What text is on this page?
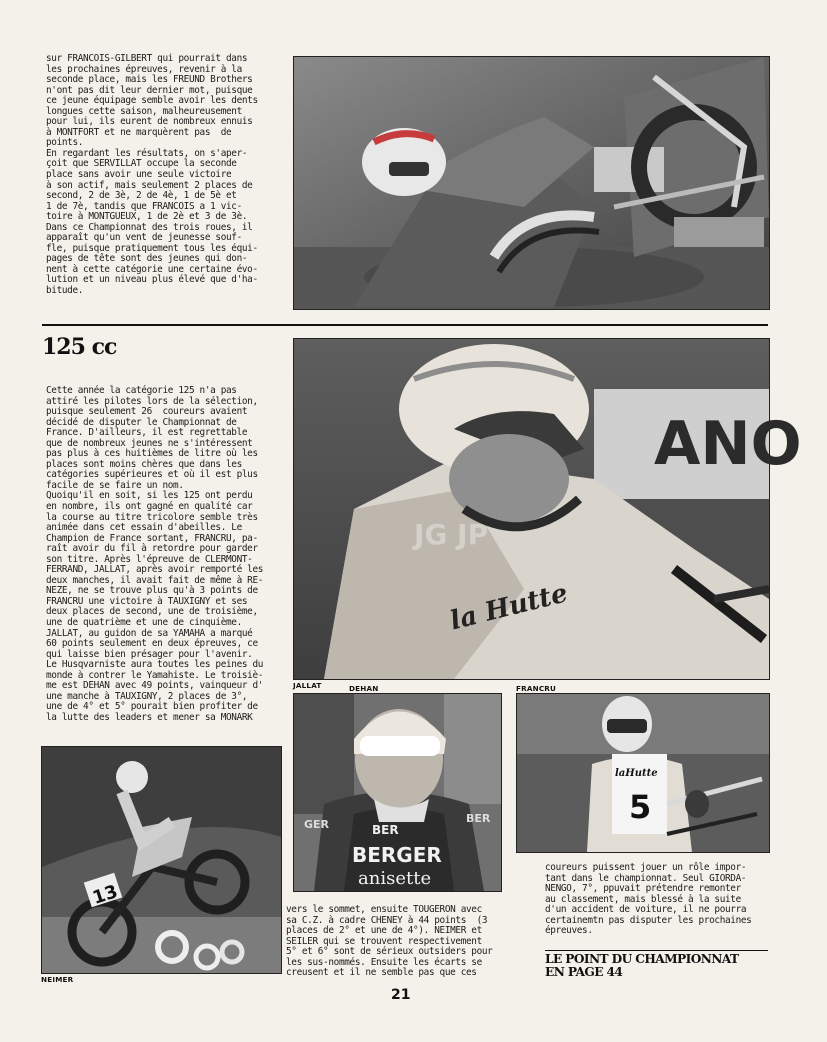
sur FRANCOIS-GILBERT qui pourrait dans
les prochaines épreuves, revenir à la
seconde place, mais les FREUND Brothers
n'ont pas dit leur dernier mot, puisque
ce jeune équipage semble avoir les dents
longues cette saison, malheureusement
pour lui, ils eurent de nombreux ennuis
à MONTFORT et ne marquèrent pas  de
points.
En regardant les résultats, on s'aper-
çoit que SERVILLAT occupe la seconde
place sans avoir une seule victoire
à son actif, mais seulement 2 places de
second, 2 de 3è, 2 de 4è, 1 de 5è et
1 de 7è, tandis que FRANCOIS a 1 vic-
toire à MONTGUEUX, 1 de 2è et 3 de 3è.
Dans ce Championnat des trois roues, il
apparaît qu'un vent de jeunesse souf-
fle, puisque pratiquement tous les équi-
pages de tête sont des jeunes qui don-
nent à cette catégorie une certaine évo-
lution et un niveau plus élevé que d'ha-
bitude.

125 cc

Cette année la catégorie 125 n'a pas
attiré les pilotes lors de la sélection,
puisque seulement 26  coureurs avaient
décidé de disputer le Championnat de
France. D'ailleurs, il est regrettable
que de nombreux jeunes ne s'intéressent
pas plus à ces huitièmes de litre où les
places sont moins chères que dans les
catégories supérieures et où il est plus
facile de se faire un nom.
Quoiqu'il en soit, si les 125 ont perdu
en nombre, ils ont gagné en qualité car
la course au titre tricolore semble très
animée dans cet essain d'abeilles. Le
Champion de France sortant, FRANCRU, pa-
raît avoir du fil à retordre pour garder
son titre. Après l'épreuve de CLERMONT-
FERRAND, JALLAT, après avoir remporté les
deux manches, il avait fait de même à RE-
NEZE, ne se trouve plus qu'à 3 points de
FRANCRU une victoire à TAUXIGNY et ses
deux places de second, une de troisième,
une de quatrième et une de cinquième.
JALLAT, au guidon de sa YAMAHA a marqué
60 points seulement en deux épreuves, ce
qui laisse bien présager pour l'avenir.
Le Husqvarniste aura toutes les peines du
monde à contrer le Yamahiste. Le troisiè-
me est DEHAN avec 49 points, vainqueur d'
une manche à TAUXIGNY, 2 places de 3°,
une de 4° et 5° pourait bien profiter de
la lutte des leaders et mener sa MONARK

ANO
la Hutte
JG JP

JALLAT	DEHAN	FRANCRU

BER
BERGER
anisette
GER	BER
laHutte
5
13

NEIMER

vers le sommet, ensuite TOUGERON avec
sa C.Z. à cadre CHENEY à 44 points  (3
places de 2° et une de 4°). NEIMER et
SEILER qui se trouvent respectivement
5° et 6° sont de sérieux outsiders pour
les sus-nommés. Ensuite les écarts se
creusent et il ne semble pas que ces

coureurs puissent jouer un rôle impor-
tant dans le championnat. Seul GIORDA-
NENGO, 7°, ppuvait prétendre remonter
au classement, mais blessé à la suite
d'un accident de voiture, il ne pourra
certainemtn pas disputer les prochaines
épreuves.

LE POINT DU CHAMPIONNAT
EN PAGE 44

21
